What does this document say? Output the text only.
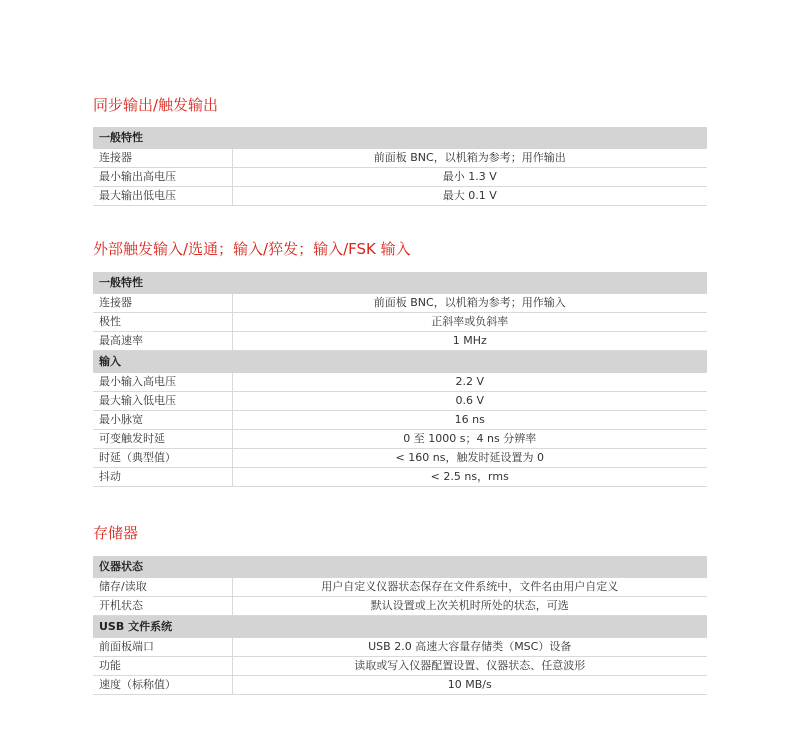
同步输出/触发输出
一般特性	
连接器	前面板 BNC，以机箱为参考；用作输出
最小输出高电压	最小 1.3 V
最大输出低电压	最大 0.1 V
外部触发输入/选通；输入/猝发；输入/FSK 输入
一般特性	
连接器	前面板 BNC，以机箱为参考；用作输入
极性	正斜率或负斜率
最高速率	1 MHz
输入	
最小输入高电压	2.2 V
最大输入低电压	0.6 V
最小脉宽	16 ns
可变触发时延	0 至 1000 s；4 ns 分辨率
时延（典型值）	< 160 ns，触发时延设置为 0
抖动	< 2.5 ns，rms
存储器
仪器状态	
储存/读取	用户自定义仪器状态保存在文件系统中，文件名由用户自定义
开机状态	默认设置或上次关机时所处的状态，可选
USB 文件系统	
前面板端口	USB 2.0 高速大容量存储类（MSC）设备
功能	读取或写入仪器配置设置、仪器状态、任意波形
速度（标称值）	10 MB/s
